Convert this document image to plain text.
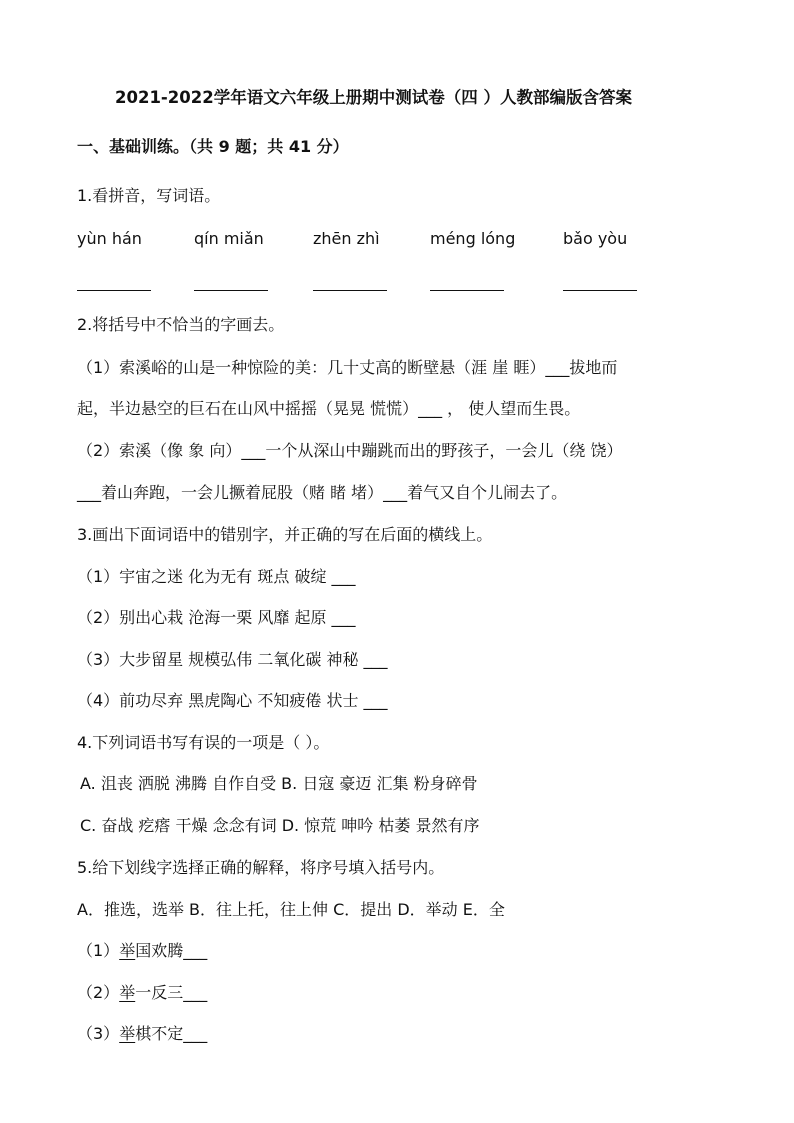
2021-2022学年语文六年级上册期中测试卷（四 ）人教部编版含答案
一、基础训练。（共 9 题；共 41 分）
1.看拼音，写词语。
yùn hán	qín miǎn	zhēn zhì	méng lóng	bǎo yòu
2.将括号中不恰当的字画去。
（1）索溪峪的山是一种惊险的美：几十丈高的断壁悬（涯 崖 睚）___拔地而
起，半边悬空的巨石在山风中摇摇（晃晃 慌慌）___ ， 使人望而生畏。
（2）索溪（像 象 向）___一个从深山中蹦跳而出的野孩子，一会儿（绕 饶）
___着山奔跑，一会儿撅着屁股（赌 睹 堵）___着气又自个儿闹去了。
3.画出下面词语中的错别字，并正确的写在后面的横线上。
（1）宇宙之迷 化为无有 斑点 破绽 ___
（2）别出心栽 沧海一栗 风靡 起原 ___
（3）大步留星 规模弘伟 二氧化碳 神秘 ___
（4）前功尽弃 黑虎陶心 不知疲倦 状士 ___
4.下列词语书写有误的一项是（ ）。
A. 沮丧 洒脱 沸腾 自作自受 B. 日寇 豪迈 汇集 粉身碎骨
C. 奋战 疙瘩 干燥 念念有词 D. 惊荒 呻吟 枯萎 景然有序
5.给下划线字选择正确的解释，将序号填入括号内。
A．推选，选举 B．往上托，往上伸 C．提出 D．举动 E．全
（1）举国欢腾___
（2）举一反三___
（3）举棋不定___
